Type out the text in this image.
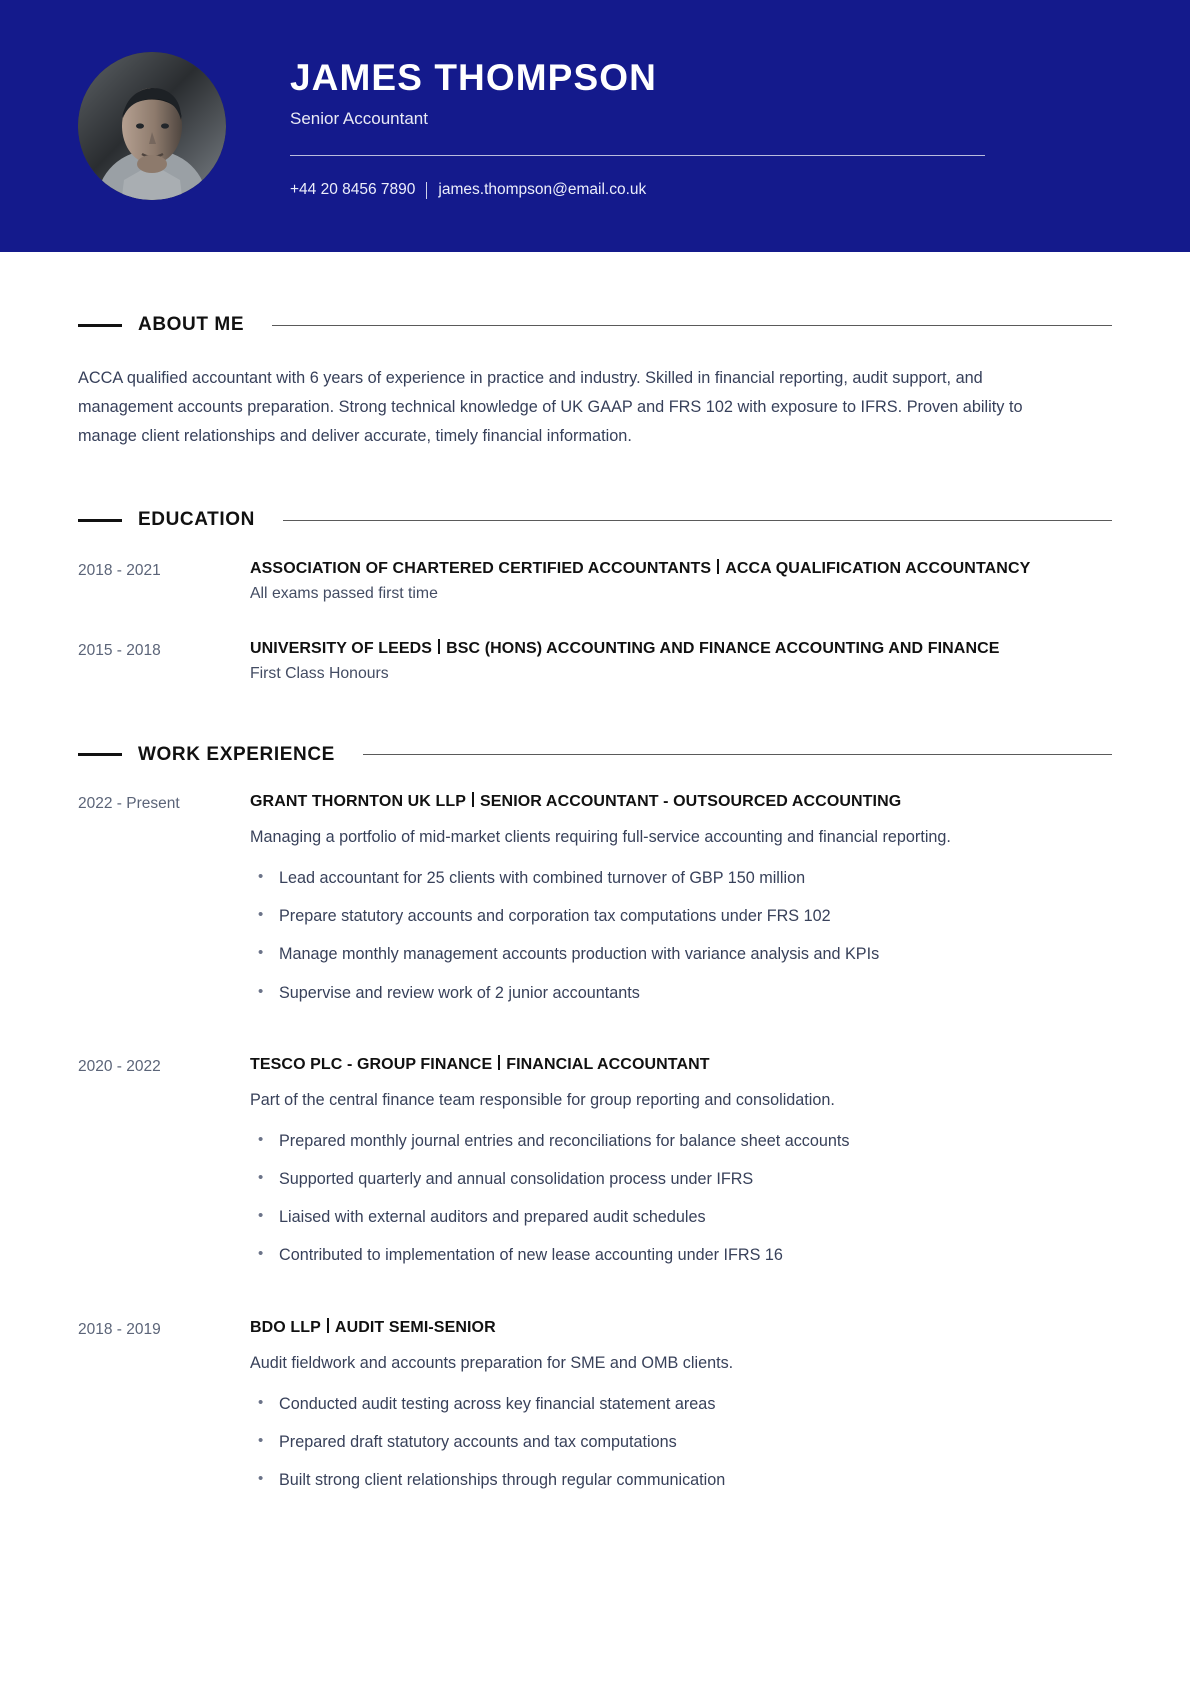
JAMES THOMPSON
Senior Accountant
+44 20 8456 7890 james.thompson@email.co.uk
ABOUT ME

ACCA qualified accountant with 6 years of experience in practice and industry. Skilled in financial reporting, audit support, and management accounts preparation. Strong technical knowledge of UK GAAP and FRS 102 with exposure to IFRS. Proven ability to manage client relationships and deliver accurate, timely financial information.

EDUCATION
2018 - 2021	ASSOCIATION OF CHARTERED CERTIFIED ACCOUNTANTS ACCA QUALIFICATION ACCOUNTANCY
All exams passed first time
2015 - 2018	UNIVERSITY OF LEEDS BSC (HONS) ACCOUNTING AND FINANCE ACCOUNTING AND FINANCE
First Class Honours
WORK EXPERIENCE
2022 - Present	GRANT THORNTON UK LLP SENIOR ACCOUNTANT - OUTSOURCED ACCOUNTING
Managing a portfolio of mid-market clients requiring full-service accounting and financial reporting.
• Lead accountant for 25 clients with combined turnover of GBP 150 million
• Prepare statutory accounts and corporation tax computations under FRS 102
• Manage monthly management accounts production with variance analysis and KPIs
• Supervise and review work of 2 junior accountants
2020 - 2022	TESCO PLC - GROUP FINANCE FINANCIAL ACCOUNTANT
Part of the central finance team responsible for group reporting and consolidation.
• Prepared monthly journal entries and reconciliations for balance sheet accounts
• Supported quarterly and annual consolidation process under IFRS
• Liaised with external auditors and prepared audit schedules
• Contributed to implementation of new lease accounting under IFRS 16
2018 - 2019	BDO LLP AUDIT SEMI-SENIOR
Audit fieldwork and accounts preparation for SME and OMB clients.
• Conducted audit testing across key financial statement areas
• Prepared draft statutory accounts and tax computations
• Built strong client relationships through regular communication
